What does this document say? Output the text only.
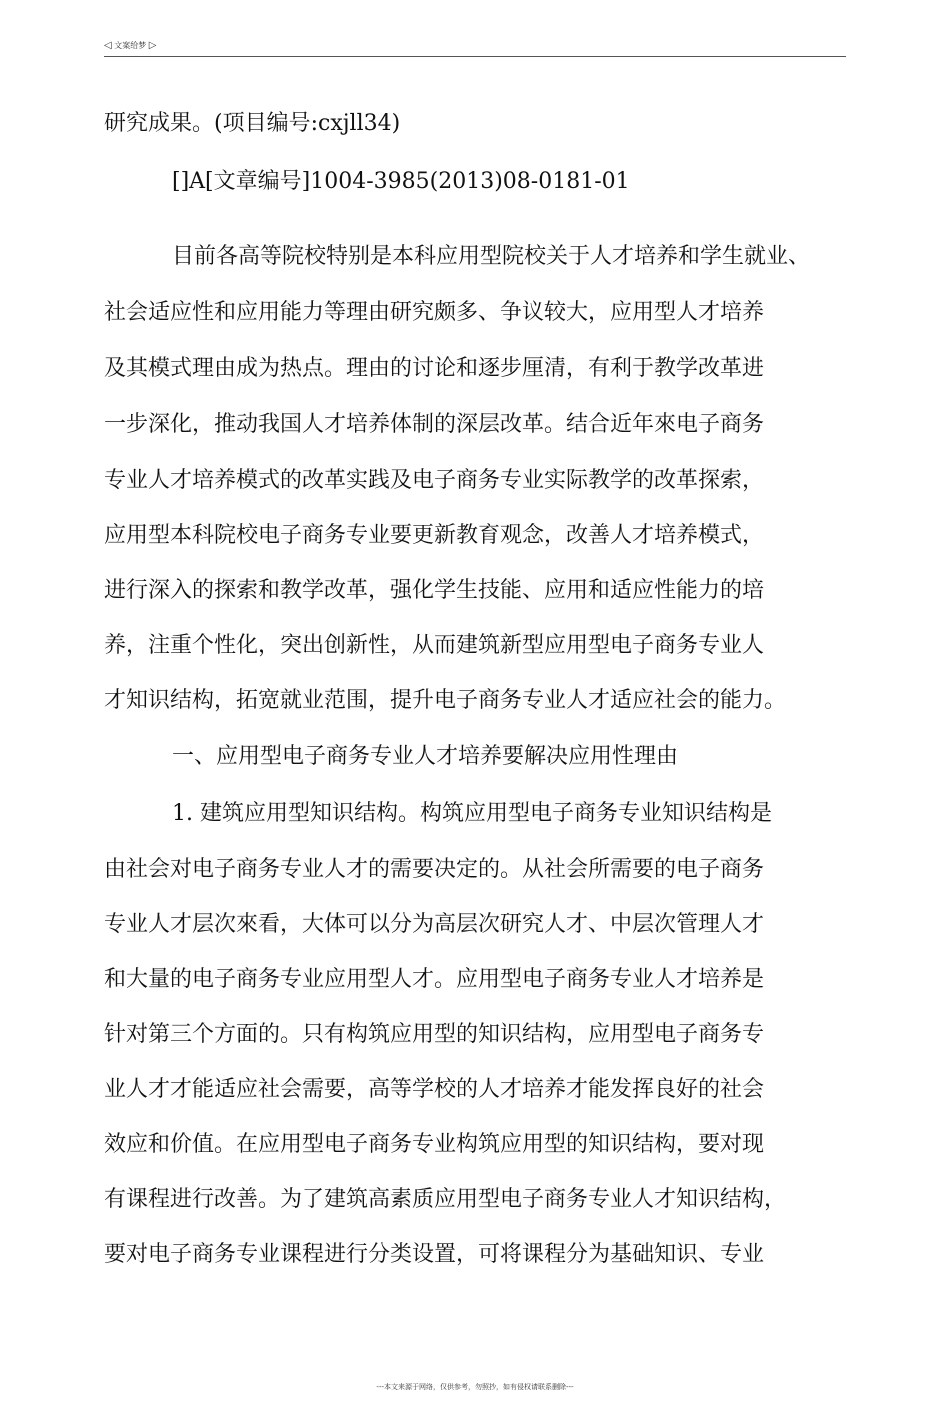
◁ 文案给梦 ▷
研究成果。(项目编号:cxjll34)
[]A[文章编号]1004-3985(2013)08-0181-01
目前各高等院校特别是本科应用型院校关于人才培养和学生就业、
社会适应性和应用能力等理由研究颇多、争议较大，应用型人才培养
及其模式理由成为热点。理由的讨论和逐步厘清，有利于教学改革进
一步深化，推动我国人才培养体制的深层改革。结合近年來电子商务
专业人才培养模式的改革实践及电子商务专业实际教学的改革探索，
应用型本科院校电子商务专业要更新教育观念，改善人才培养模式，
进行深入的探索和教学改革，强化学生技能、应用和适应性能力的培
养，注重个性化，突出创新性，从而建筑新型应用型电子商务专业人
才知识结构，拓宽就业范围，提升电子商务专业人才适应社会的能力。
一、应用型电子商务专业人才培养要解决应用性理由
1. 建筑应用型知识结构。构筑应用型电子商务专业知识结构是
由社会对电子商务专业人才的需要决定的。从社会所需要的电子商务
专业人才层次來看，大体可以分为高层次研究人才、中层次管理人才
和大量的电子商务专业应用型人才。应用型电子商务专业人才培养是
针对第三个方面的。只有构筑应用型的知识结构，应用型电子商务专
业人才才能适应社会需要，高等学校的人才培养才能发挥良好的社会
效应和价值。在应用型电子商务专业构筑应用型的知识结构，要对现
有课程进行改善。为了建筑高素质应用型电子商务专业人才知识结构，
要对电子商务专业课程进行分类设置，可将课程分为基础知识、专业
---本文来源于网络，仅供参考，勿照抄，如有侵权请联系删除---
